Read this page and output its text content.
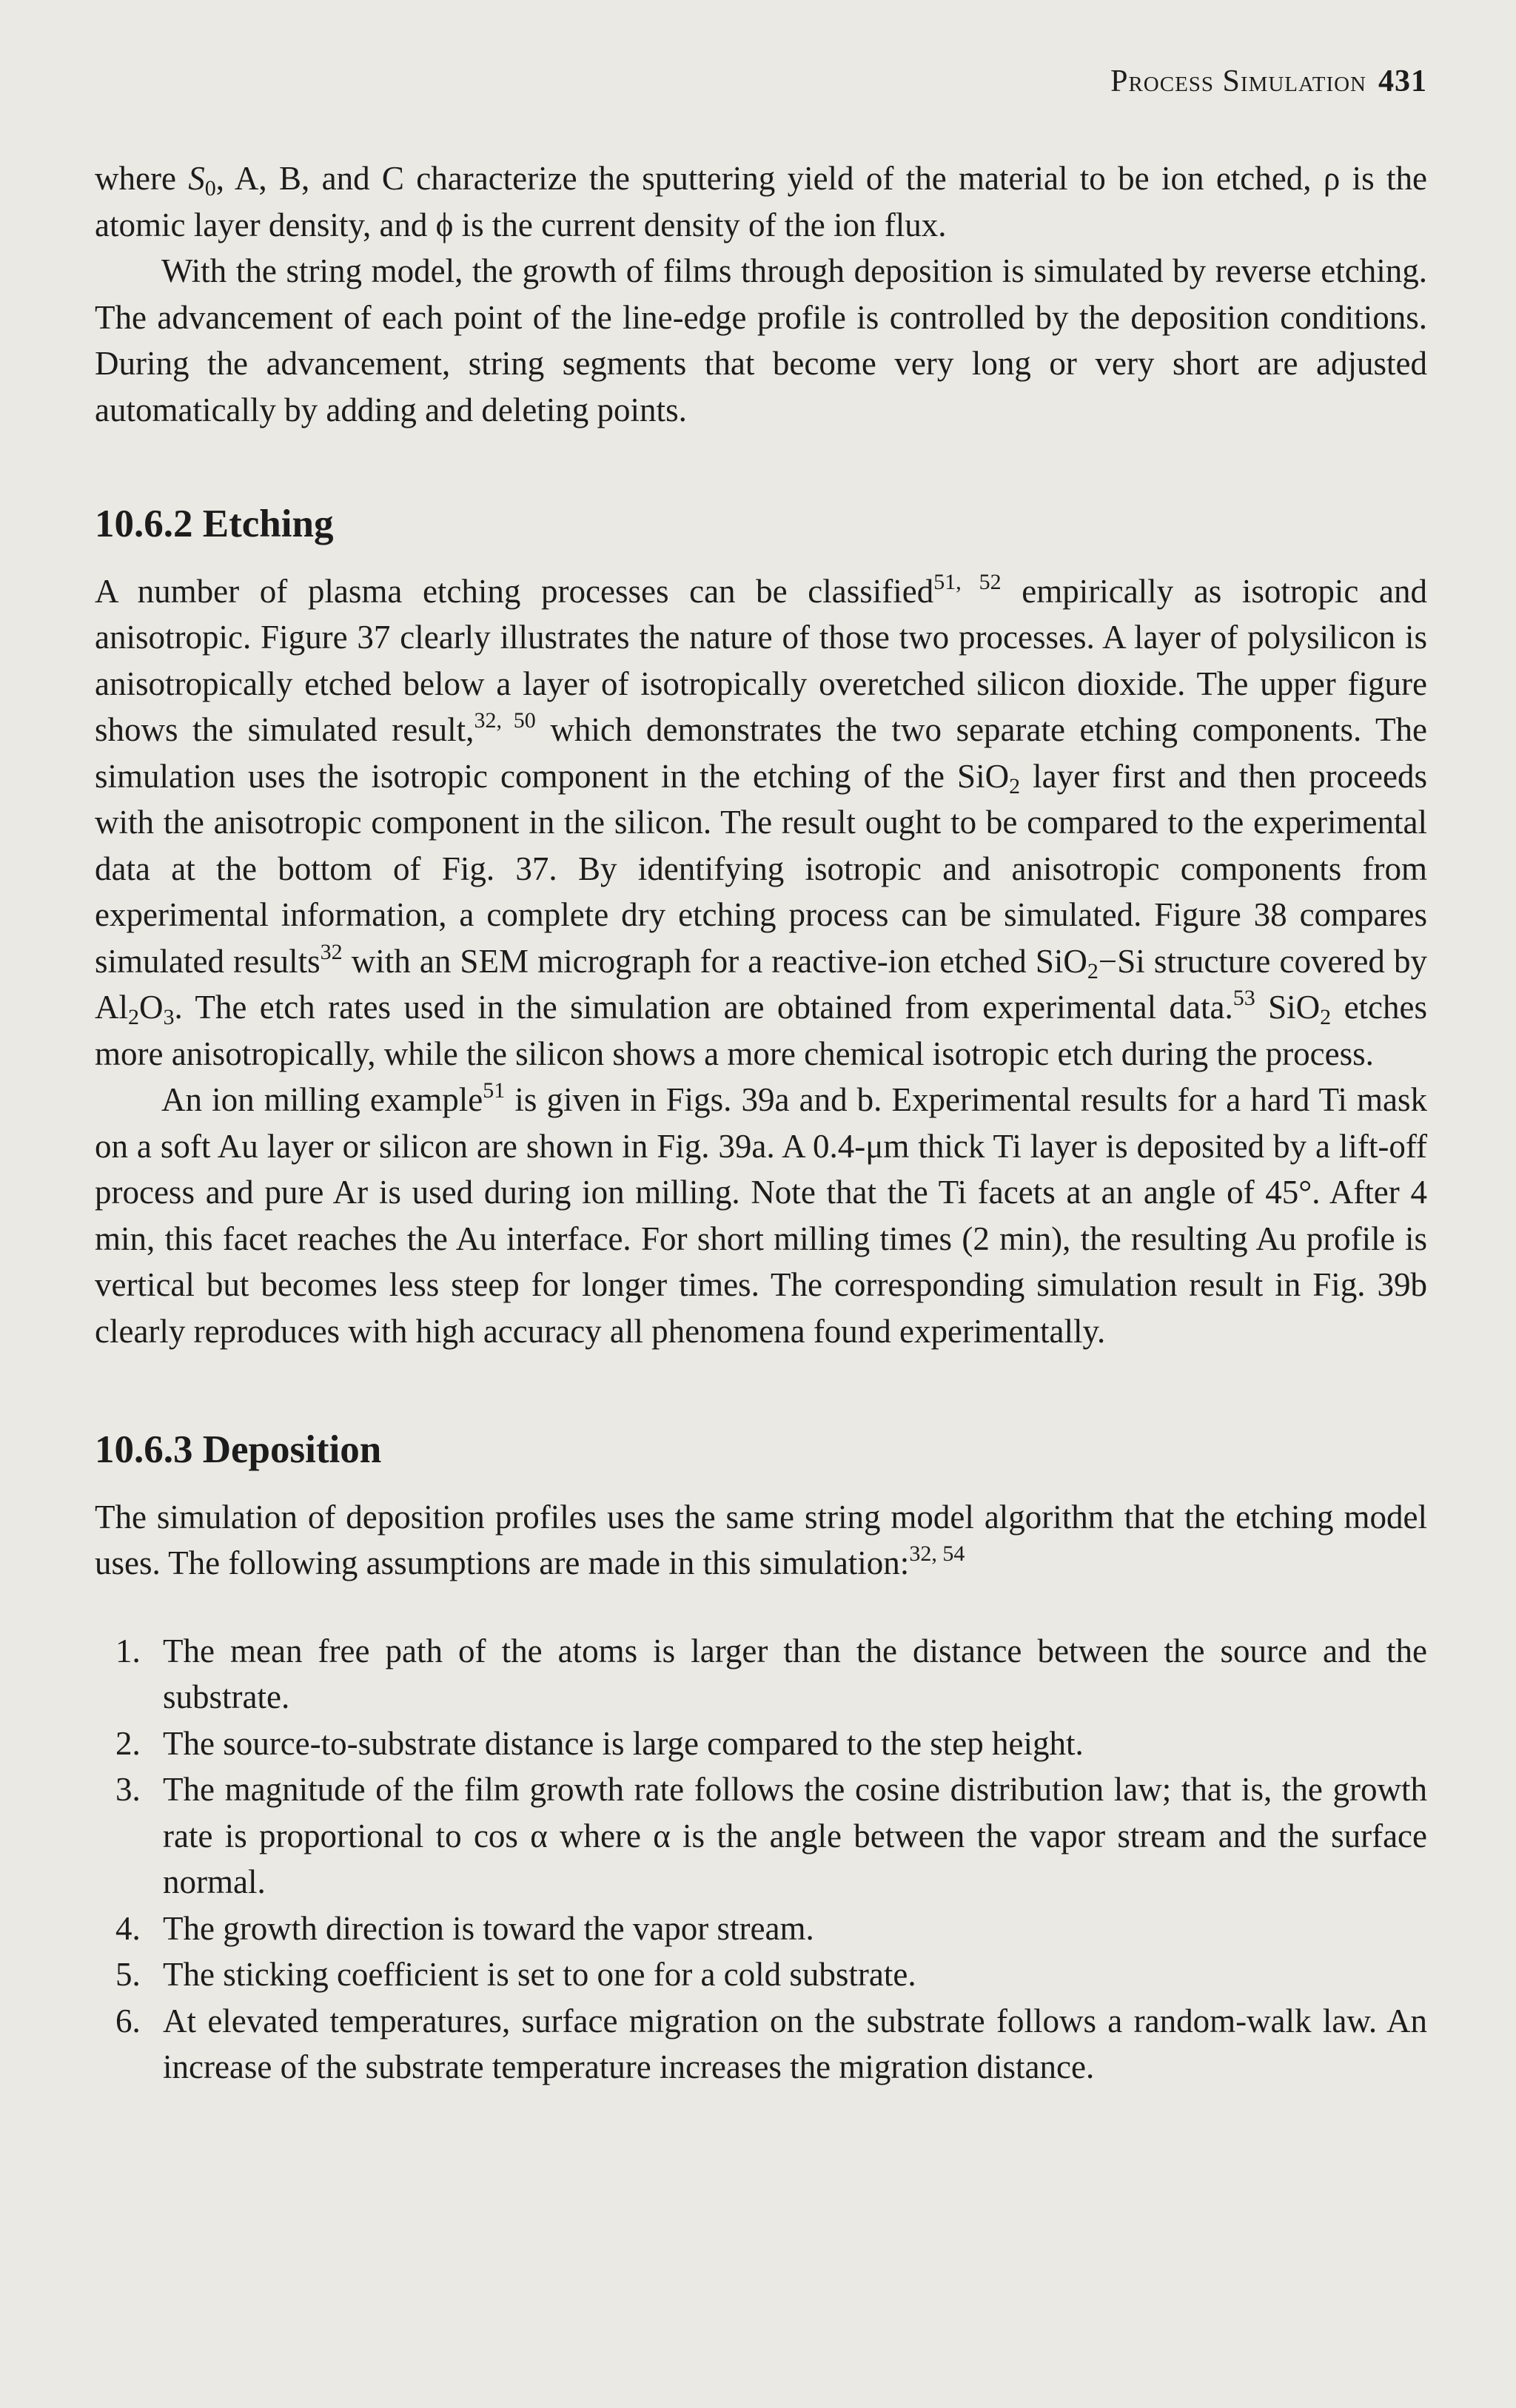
Process Simulation 431

where $S_0$, A, B, and C characterize the sputtering yield of the material to be ion etched, ρ is the atomic layer density, and ϕ is the current density of the ion flux.

With the string model, the growth of films through deposition is simulated by reverse etching. The advancement of each point of the line-edge profile is controlled by the deposition conditions. During the advancement, string segments that become very long or very short are adjusted automatically by adding and deleting points.

10.6.2 Etching

A number of plasma etching processes can be classified$^{51, 52}$ empirically as isotropic and anisotropic. Figure 37 clearly illustrates the nature of those two processes. A layer of polysilicon is anisotropically etched below a layer of isotropically overetched silicon dioxide. The upper figure shows the simulated result,$^{32, 50}$ which demonstrates the two separate etching components. The simulation uses the isotropic component in the etching of the SiO$_2$ layer first and then proceeds with the anisotropic component in the silicon. The result ought to be compared to the experimental data at the bottom of Fig. 37. By identifying isotropic and anisotropic components from experimental information, a complete dry etching process can be simulated. Figure 38 compares simulated results$^{32}$ with an SEM micrograph for a reactive-ion etched SiO$_2$−Si structure covered by $Al_2O_3$. The etch rates used in the simulation are obtained from experimental data.$^{53}$ SiO$_2$ etches more anisotropically, while the silicon shows a more chemical isotropic etch during the process.

An ion milling example$^{51}$ is given in Figs. 39a and b. Experimental results for a hard Ti mask on a soft Au layer or silicon are shown in Fig. 39a. A 0.4-μm thick Ti layer is deposited by a lift-off process and pure Ar is used during ion milling. Note that the Ti facets at an angle of 45°. After 4 min, this facet reaches the Au interface. For short milling times (2 min), the resulting Au profile is vertical but becomes less steep for longer times. The corresponding simulation result in Fig. 39b clearly reproduces with high accuracy all phenomena found experimentally.

10.6.3 Deposition

The simulation of deposition profiles uses the same string model algorithm that the etching model uses. The following assumptions are made in this simulation:$^{32, 54}$

1. The mean free path of the atoms is larger than the distance between the source and the substrate.
2. The source-to-substrate distance is large compared to the step height.
3. The magnitude of the film growth rate follows the cosine distribution law; that is, the growth rate is proportional to cos α where α is the angle between the vapor stream and the surface normal.
4. The growth direction is toward the vapor stream.
5. The sticking coefficient is set to one for a cold substrate.
6. At elevated temperatures, surface migration on the substrate follows a random-walk law. An increase of the substrate temperature increases the migration distance.
